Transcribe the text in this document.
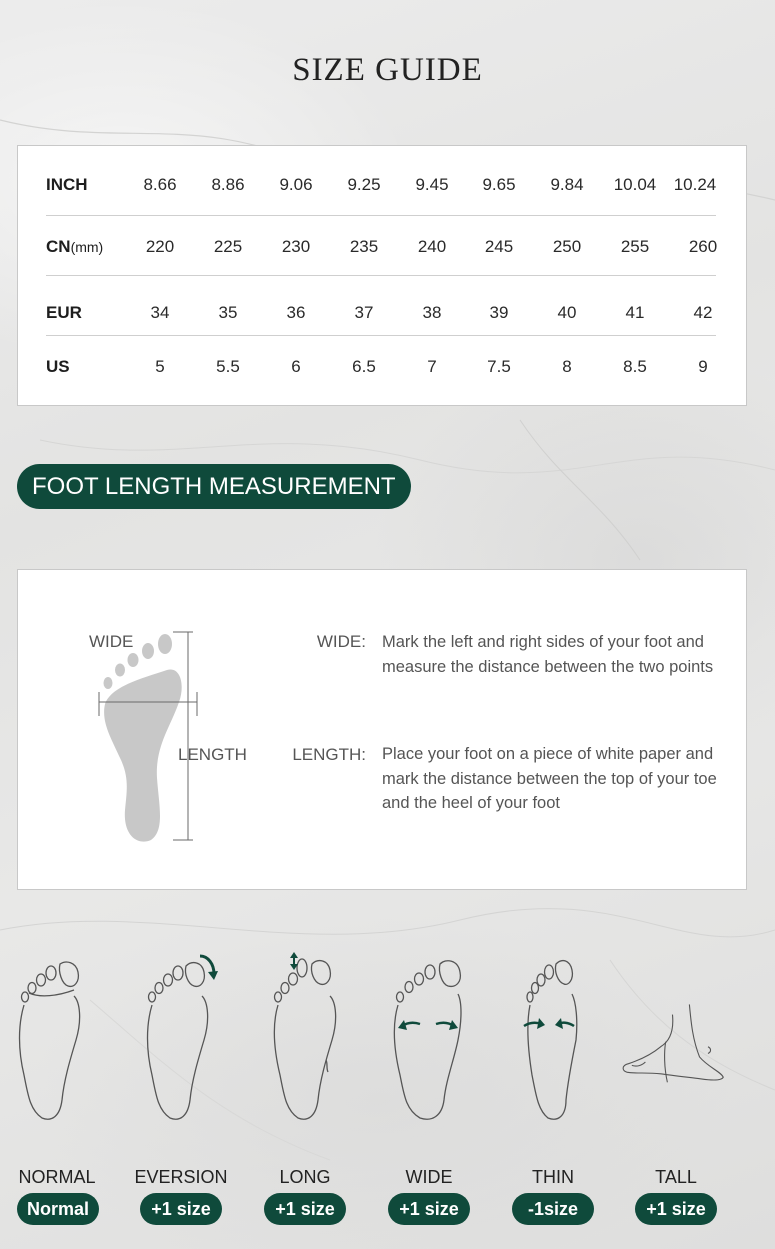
SIZE GUIDE
INCH	8.66	8.86	9.06	9.25	9.45	9.65	9.84	10.04	10.24
CN(mm)	220	225	230	235	240	245	250	255	260
EUR	34	35	36	37	38	39	40	41	42
US	5	5.5	6	6.5	7	7.5	8	8.5	9
FOOT LENGTH MEASUREMENT
WIDE
LENGTH
WIDE: Mark the left and right sides of your foot and measure the distance between the two points
LENGTH: Place your foot on a piece of white paper and mark the distance between the top of your toe and the heel of your foot
NORMAL	EVERSION	LONG	WIDE	THIN	TALL
Normal	+1 size	+1 size	+1 size	-1size	+1 size
